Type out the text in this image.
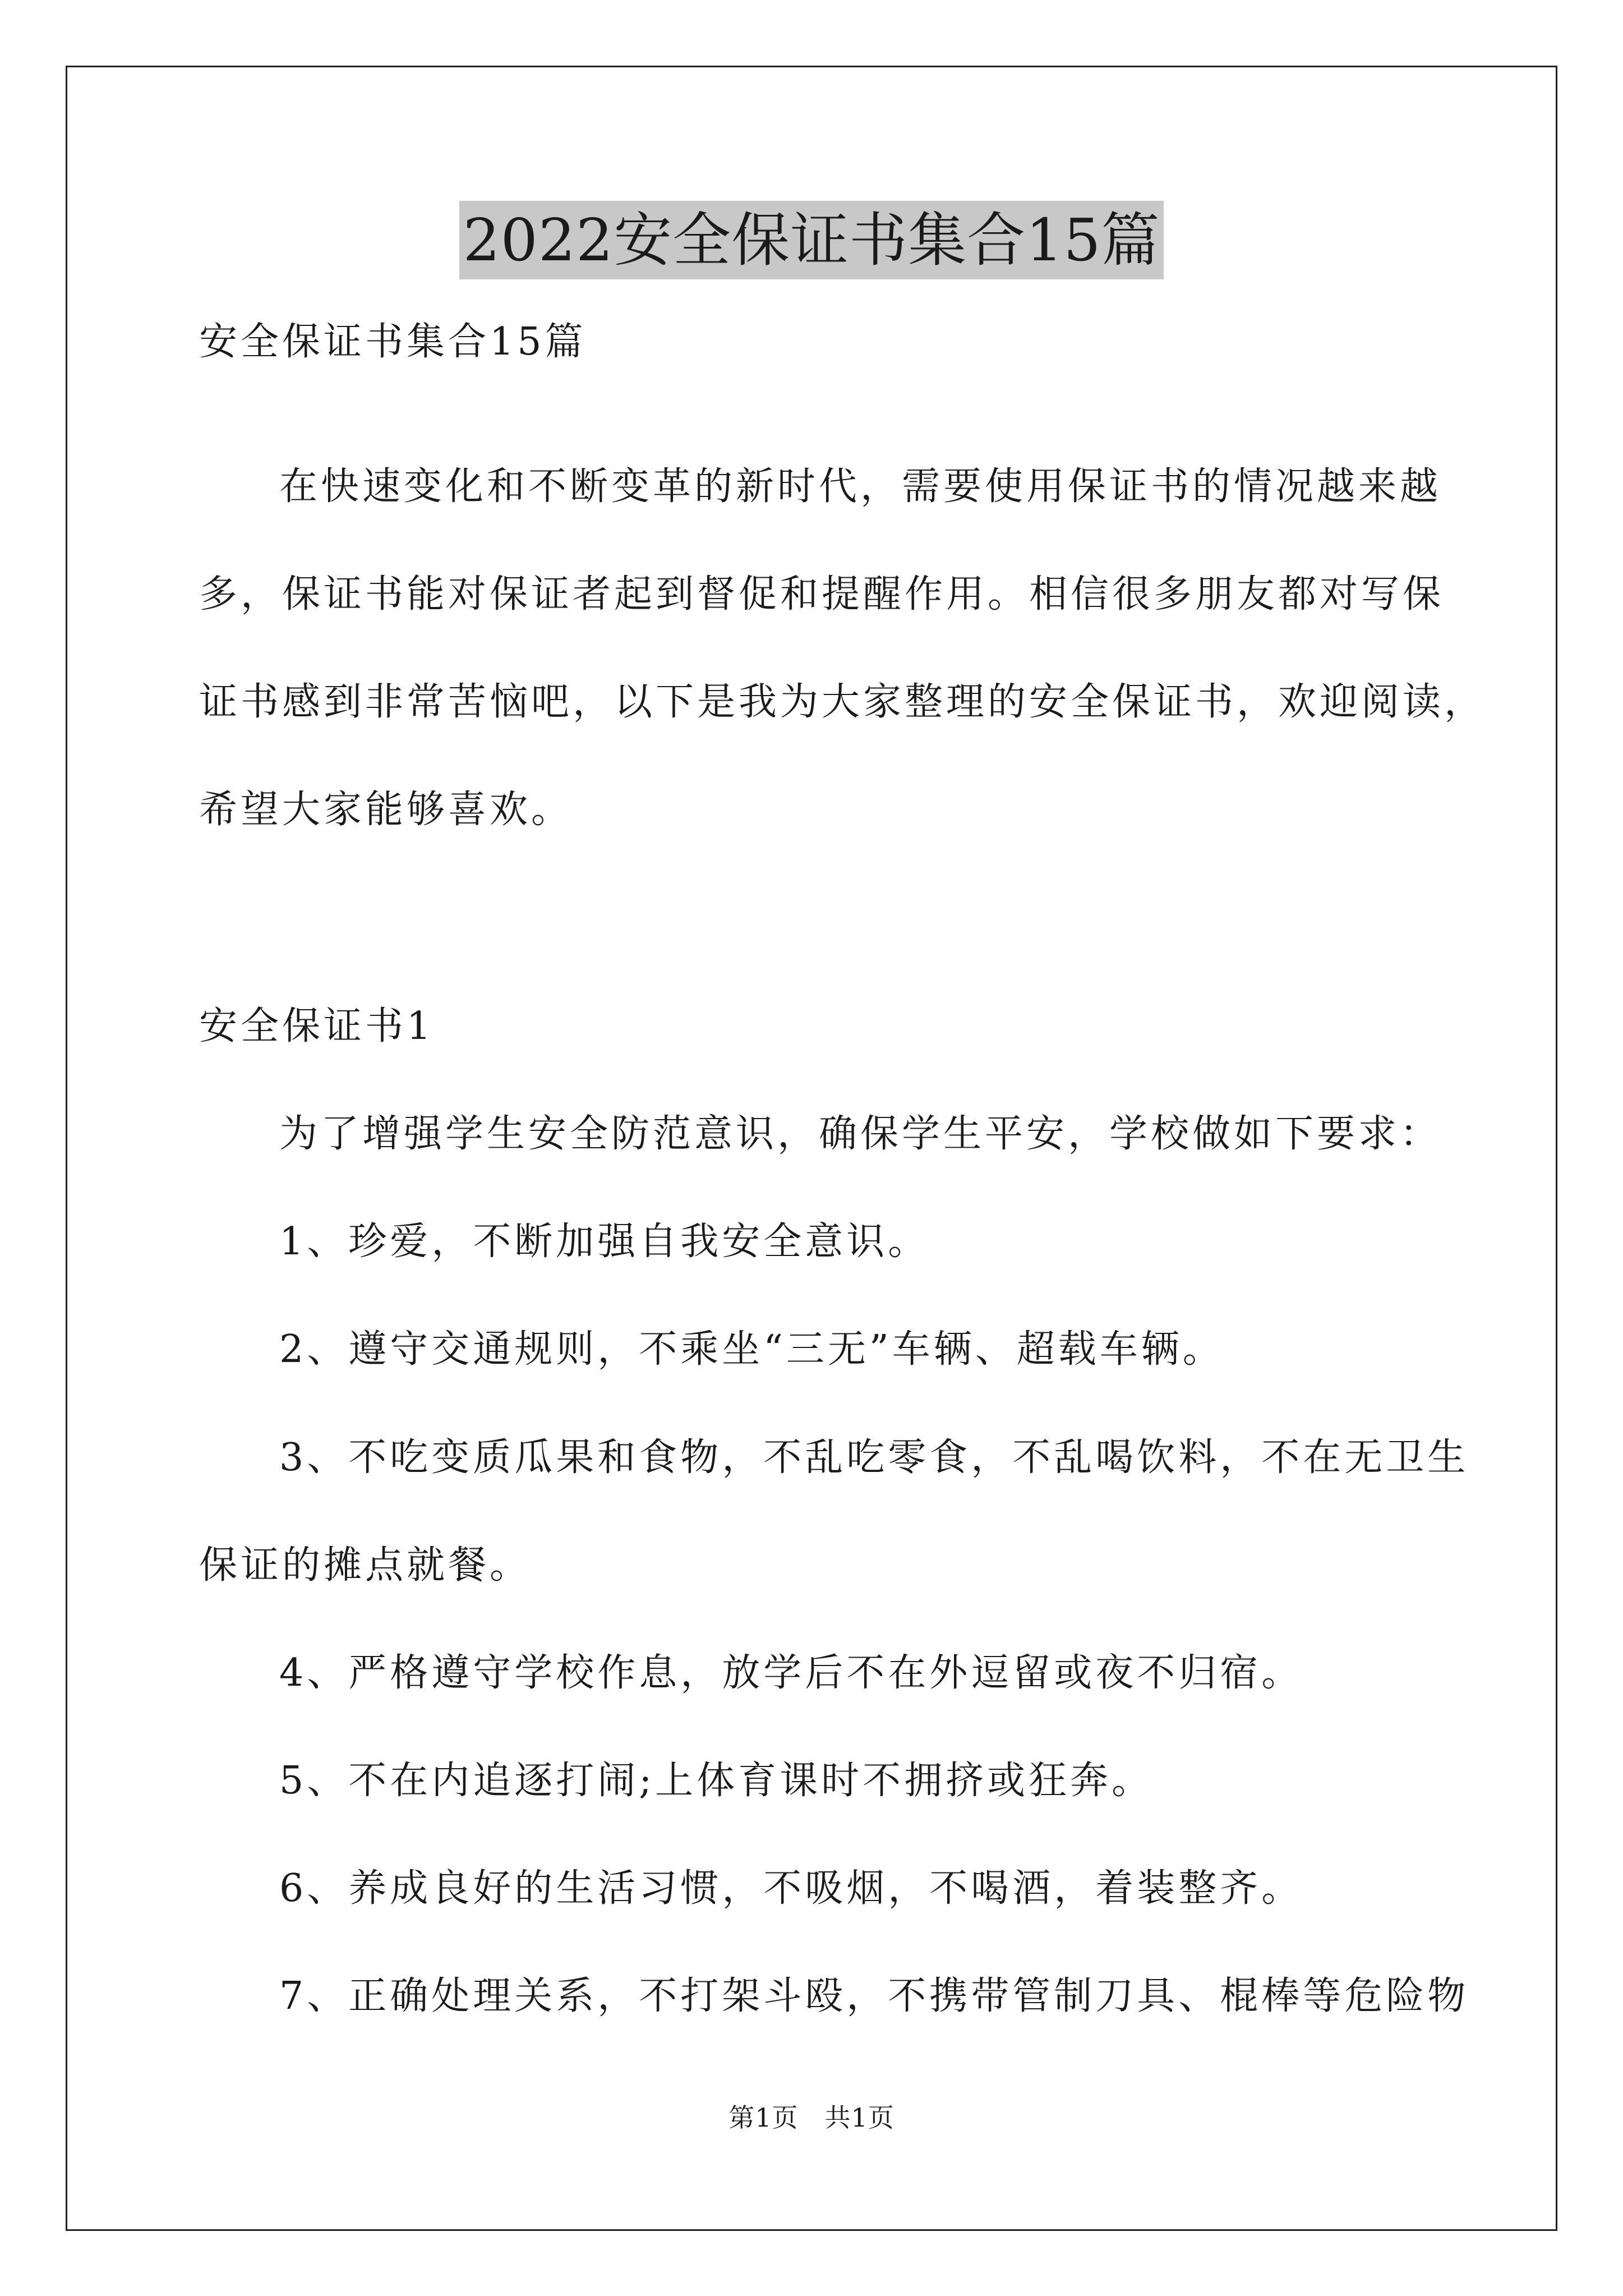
2022安全保证书集合15篇
安全保证书集合15篇
在快速变化和不断变革的新时代，需要使用保证书的情况越来越
多，保证书能对保证者起到督促和提醒作用。相信很多朋友都对写保
证书感到非常苦恼吧，以下是我为大家整理的安全保证书，欢迎阅读，
希望大家能够喜欢。
安全保证书1
为了增强学生安全防范意识，确保学生平安，学校做如下要求：
1、珍爱，不断加强自我安全意识。
2、遵守交通规则，不乘坐“三无”车辆、超载车辆。
3、不吃变质瓜果和食物，不乱吃零食，不乱喝饮料，不在无卫生
保证的摊点就餐。
4、严格遵守学校作息，放学后不在外逗留或夜不归宿。
5、不在内追逐打闹;上体育课时不拥挤或狂奔。
6、养成良好的生活习惯，不吸烟，不喝酒，着装整齐。
7、正确处理关系，不打架斗殴，不携带管制刀具、棍棒等危险物
第1页　共1页
